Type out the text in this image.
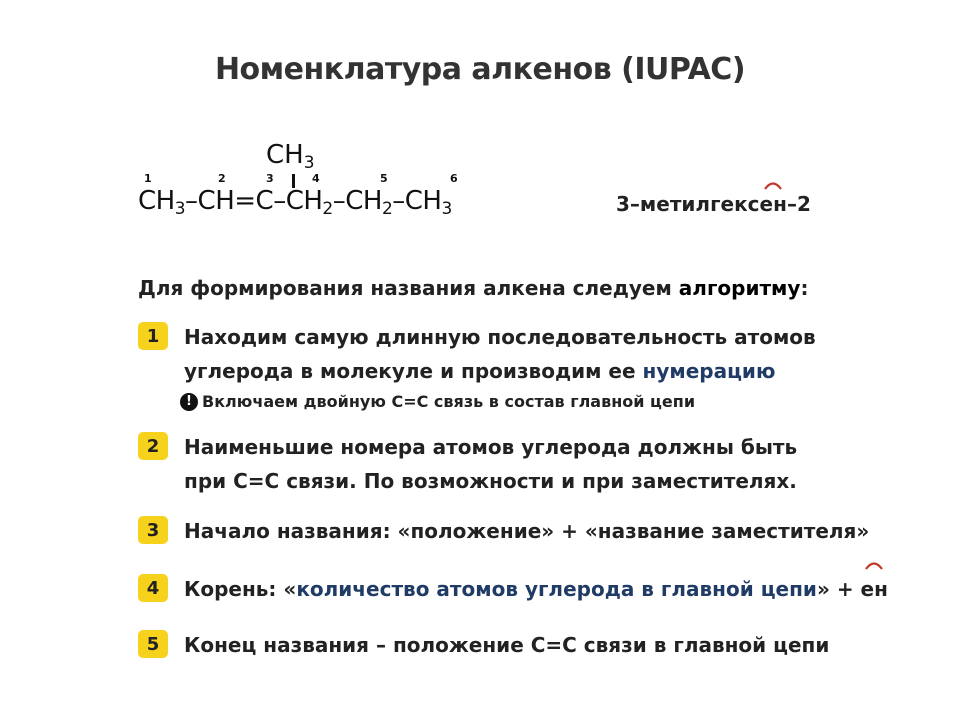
Номенклатура алкенов (IUPAC)
$CH_3$
1	2	3	4	5	6
$CH_3-CH=C-CH_2-CH_2-CH_3$	3–метилгекс
ен–2
Для формирования названия алкена следуем алгоритму:
1	Находим самую длинную последовательность атомов
углерода в молекуле и производим ее нумерацию
! Включаем двойную С=С связь в состав главной цепи
2	Наименьшие номера атомов углерода должны быть
при С=С связи. По возможности и при заместителях.
3	Начало названия: «положение» + «название заместителя»
4	Корень: «количество атомов углерода в главной цепи» +
ен
5	Конец названия – положение С=С связи в главной цепи
